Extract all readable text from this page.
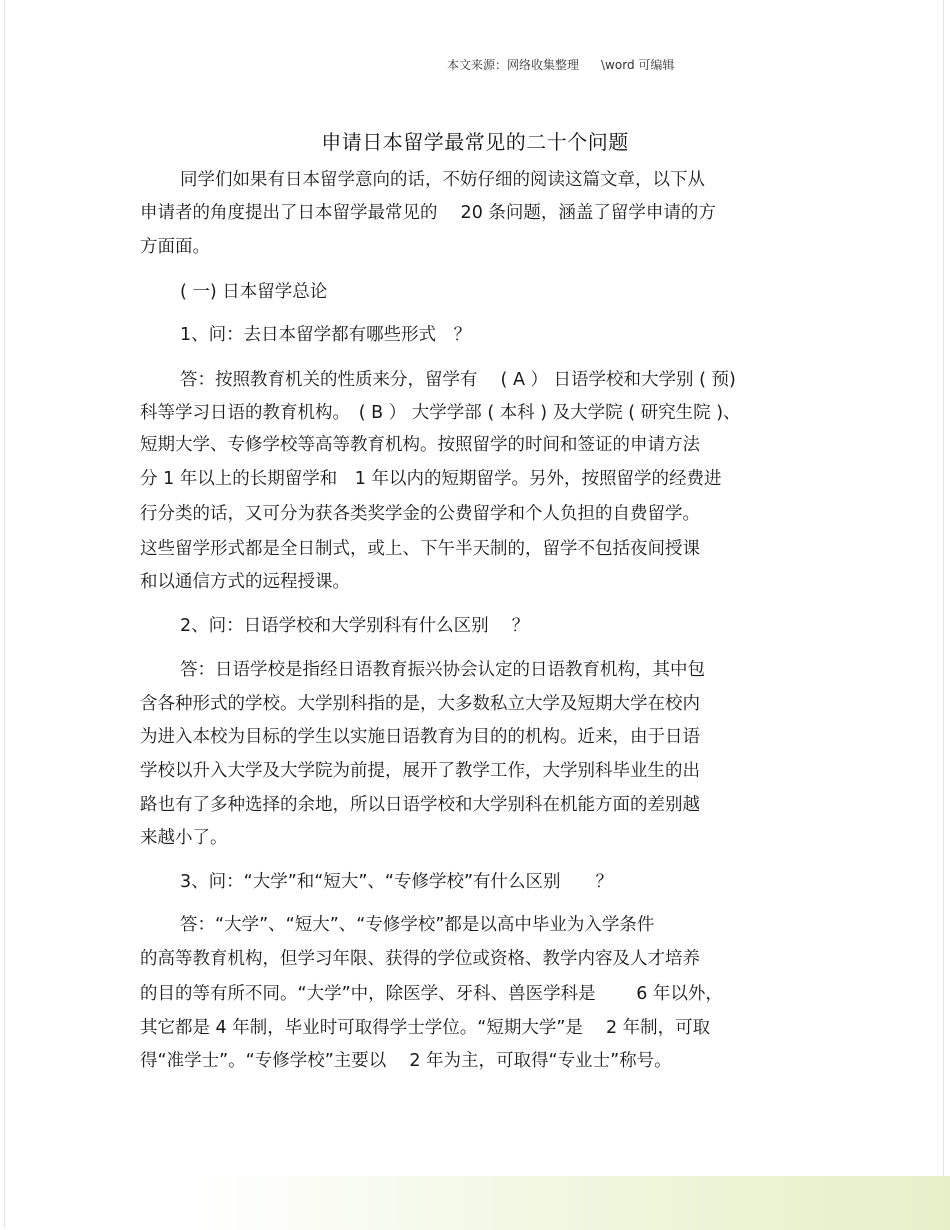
本文来源：网络收集整理 \word 可编辑
申请日本留学最常见的二十个问题
同学们如果有日本留学意向的话，不妨仔细的阅读这篇文章，以下从
申请者的角度提出了日本留学最常见的　 20 条问题，涵盖了留学申请的方
方面面。
( 一) 日本留学总论
1、问：去日本留学都有哪些形式　？
答：按照教育机关的性质来分，留学有　 ( A ） 日语学校和大学别 ( 预)
科等学习日语的教育机构。　( B ） 大学学部 ( 本科 ) 及大学院 ( 研究生院 )、
短期大学、专修学校等高等教育机构。按照留学的时间和签证的申请方法
分 1 年以上的长期留学和　1 年以内的短期留学。另外，按照留学的经费进
行分类的话，又可分为获各类奖学金的公费留学和个人负担的自费留学。
这些留学形式都是全日制式，或上、下午半天制的，留学不包括夜间授课
和以通信方式的远程授课。
2、问：日语学校和大学别科有什么区别　 ？
答：日语学校是指经日语教育振兴协会认定的日语教育机构，其中包
含各种形式的学校。大学别科指的是，大多数私立大学及短期大学在校内
为进入本校为目标的学生以实施日语教育为目的的机构。近来，由于日语
学校以升入大学及大学院为前提，展开了教学工作，大学别科毕业生的出
路也有了多种选择的余地，所以日语学校和大学别科在机能方面的差别越
来越小了。
3、问：“大学”和“短大”、“专修学校”有什么区别　　？
答：“大学”、“短大”、“专修学校”都是以高中毕业为入学条件
的高等教育机构，但学习年限、获得的学位或资格、教学内容及人才培养
的目的等有所不同。“大学”中，除医学、牙科、兽医学科是　　 6 年以外，
其它都是 4 年制，毕业时可取得学士学位。“短期大学”是　 2 年制，可取
得“准学士”。“专修学校”主要以　 2 年为主，可取得“专业士”称号。
